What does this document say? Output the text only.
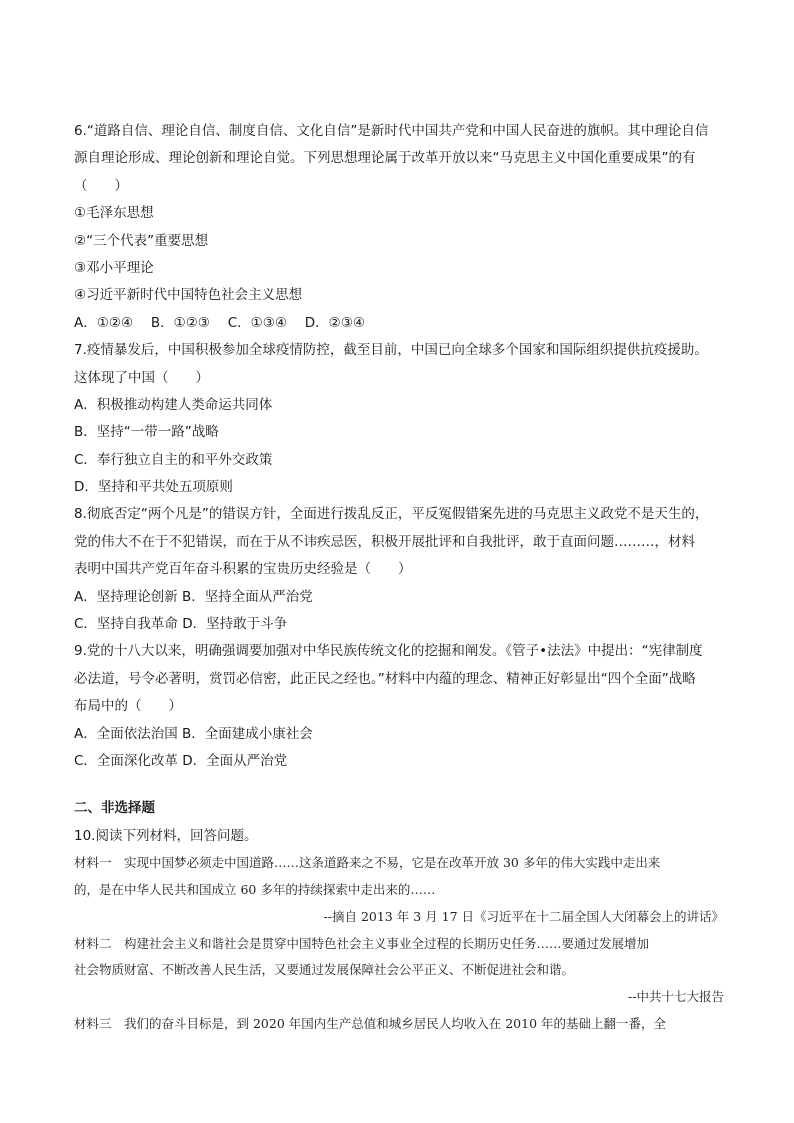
6.“道路自信、理论自信、制度自信、文化自信”是新时代中国共产党和中国人民奋进的旗帜。其中理论自信
源自理论形成、理论创新和理论自觉。下列思想理论属于改革开放以来“马克思主义中国化重要成果”的有
（　　）
①毛泽东思想
②“三个代表”重要思想
③邓小平理论
④习近平新时代中国特色社会主义思想
A．①②④　 B．①②③　 C．①③④　 D．②③④
7.疫情暴发后，中国积极参加全球疫情防控，截至目前，中国已向全球多个国家和国际组织提供抗疫援助。
这体现了中国（　　）
A．积极推动构建人类命运共同体
B．坚持“一带一路”战略
C．奉行独立自主的和平外交政策
D．坚持和平共处五项原则
8.彻底否定“两个凡是”的错误方针，全面进行拨乱反正，平反冤假错案先进的马克思主义政党不是天生的，
党的伟大不在于不犯错误，而在于从不讳疾忌医，积极开展批评和自我批评，敢于直面问题………，材料
表明中国共产党百年奋斗积累的宝贵历史经验是（　　）
A．坚持理论创新 B．坚持全面从严治党
C．坚持自我革命 D．坚持敢于斗争
9.党的十八大以来，明确强调要加强对中华民族传统文化的挖掘和阐发。《管子•法法》中提出：“宪律制度
必法道，号令必著明，赏罚必信密，此正民之经也。”材料中内蕴的理念、精神正好彰显出“四个全面”战略
布局中的（　　）
A．全面依法治国 B．全面建成小康社会
C．全面深化改革 D．全面从严治党
二、非选择题
10.阅读下列材料，回答问题。
材料一　实现中国梦必须走中国道路……这条道路来之不易，它是在改革开放 30 多年的伟大实践中走出来
的，是在中华人民共和国成立 60 多年的持续探索中走出来的……
--摘自 2013 年 3 月 17 日《习近平在十二届全国人大闭幕会上的讲话》
材料二　构建社会主义和谐社会是贯穿中国特色社会主义事业全过程的长期历史任务……要通过发展增加
社会物质财富、不断改善人民生活，又要通过发展保障社会公平正义、不断促进社会和谐。
--中共十七大报告
材料三　我们的奋斗目标是，到 2020 年国内生产总值和城乡居民人均收入在 2010 年的基础上翻一番，全
